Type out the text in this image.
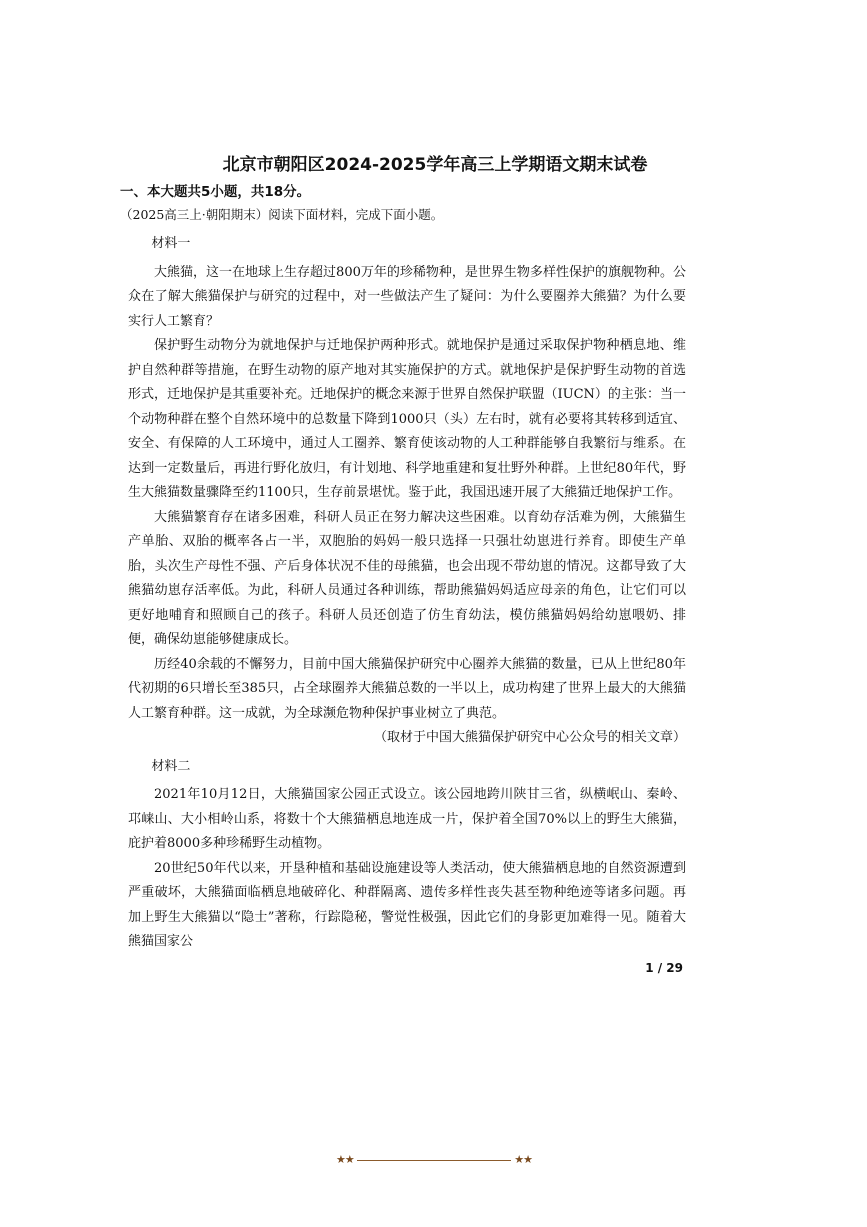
北京市朝阳区2024-2025学年高三上学期语文期末试卷
一、本大题共5小题，共18分。
（2025高三上·朝阳期末）阅读下面材料，完成下面小题。

材料一

大熊猫，这一在地球上生存超过800万年的珍稀物种，是世界生物多样性保护的旗舰物种。公众在了解大熊猫保护与研究的过程中，对一些做法产生了疑问：为什么要圈养大熊猫？为什么要实行人工繁育？

保护野生动物分为就地保护与迁地保护两种形式。就地保护是通过采取保护物种栖息地、维护自然种群等措施，在野生动物的原产地对其实施保护的方式。就地保护是保护野生动物的首选形式，迁地保护是其重要补充。迁地保护的概念来源于世界自然保护联盟（IUCN）的主张：当一个动物种群在整个自然环境中的总数量下降到1000只（头）左右时，就有必要将其转移到适宜、安全、有保障的人工环境中，通过人工圈养、繁育使该动物的人工种群能够自我繁衍与维系。在达到一定数量后，再进行野化放归，有计划地、科学地重建和复壮野外种群。上世纪80年代，野生大熊猫数量骤降至约1100只，生存前景堪忧。鉴于此，我国迅速开展了大熊猫迁地保护工作。

大熊猫繁育存在诸多困难，科研人员正在努力解决这些困难。以育幼存活难为例，大熊猫生产单胎、双胎的概率各占一半，双胞胎的妈妈一般只选择一只强壮幼崽进行养育。即使生产单胎，头次生产母性不强、产后身体状况不佳的母熊猫，也会出现不带幼崽的情况。这都导致了大熊猫幼崽存活率低。为此，科研人员通过各种训练，帮助熊猫妈妈适应母亲的角色，让它们可以更好地哺育和照顾自己的孩子。科研人员还创造了仿生育幼法，模仿熊猫妈妈给幼崽喂奶、排便，确保幼崽能够健康成长。

历经40余载的不懈努力，目前中国大熊猫保护研究中心圈养大熊猫的数量，已从上世纪80年代初期的6只增长至385只，占全球圈养大熊猫总数的一半以上，成功构建了世界上最大的大熊猫人工繁育种群。这一成就，为全球濒危物种保护事业树立了典范。

（取材于中国大熊猫保护研究中心公众号的相关文章）

材料二

2021年10月12日，大熊猫国家公园正式设立。该公园地跨川陕甘三省，纵横岷山、秦岭、邛崃山、大小相岭山系，将数十个大熊猫栖息地连成一片，保护着全国70%以上的野生大熊猫，庇护着8000多种珍稀野生动植物。

20世纪50年代以来，开垦种植和基础设施建设等人类活动，使大熊猫栖息地的自然资源遭到严重破坏，大熊猫面临栖息地破碎化、种群隔离、遗传多样性丧失甚至物种绝迹等诸多问题。再加上野生大熊猫以“隐士”著称，行踪隐秘，警觉性极强，因此它们的身影更加难得一见。随着大熊猫国家公

1 / 29
★★	★★
